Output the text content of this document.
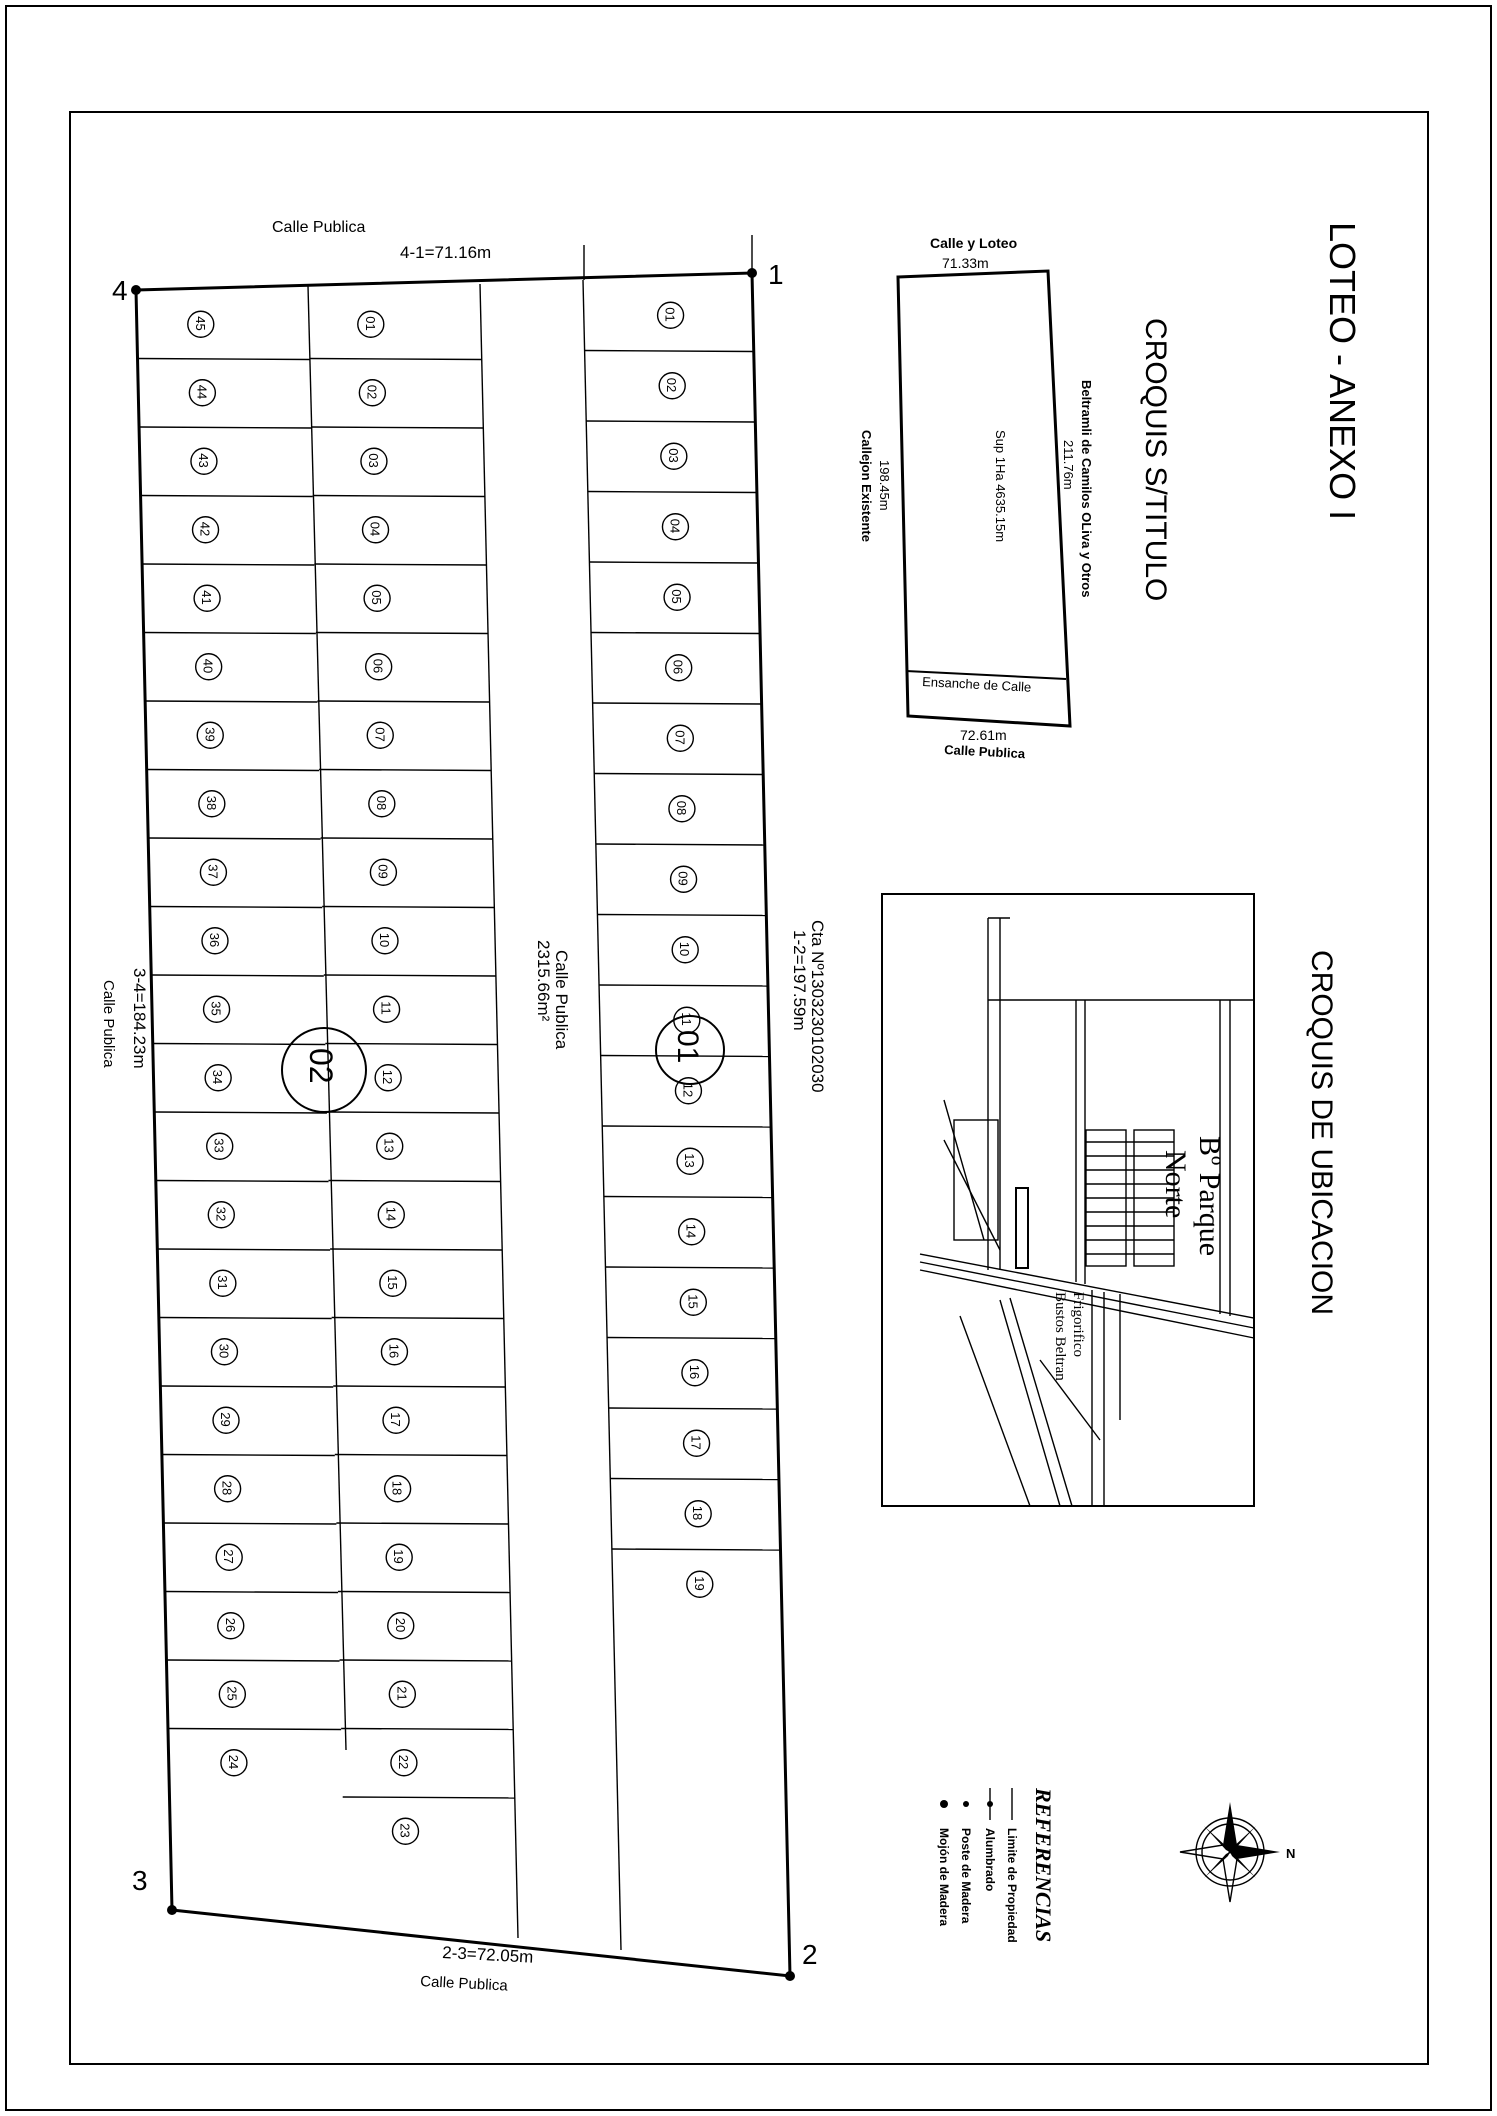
LOTEO - ANEXO I
CROQUIS S/TITULO
Calle y Loteo
71.33m
Beltramli de Camilos OLiva y Otros
211.76m
198.45m
Callejon Existente	Sup 1Ha 4635.15m
Ensanche de Calle
72.61m
Calle Publica
CROQUIS DE UBICACION
Bº Parque
Norte
Frigorifico
Bustos Beltran
REFERENCIAS
Limite de Propiedad
Alumbrado
Poste de Madera
Mojón de Madera	N
01
02
03
04
05
06
07
08
09
10
11
12
13
14
15
16
17
18
19
01
45
02
44
03
43
04
42
05
41
06
40
07
39
08
38
09
37
10
36
11
35
12
34
13
33
14
32
15
31
16
30
17
29
18
28
19
27
20
26
21
25
22
24
23
1
2
3
4
Calle Publica
4-1=71.16m
3-4=184.23m
Calle Publica
2-3=72.05m
Calle Publica
Calle Publica
2315.66m²	Cta Nº1303230102030
1-2=197.59m
01
02
